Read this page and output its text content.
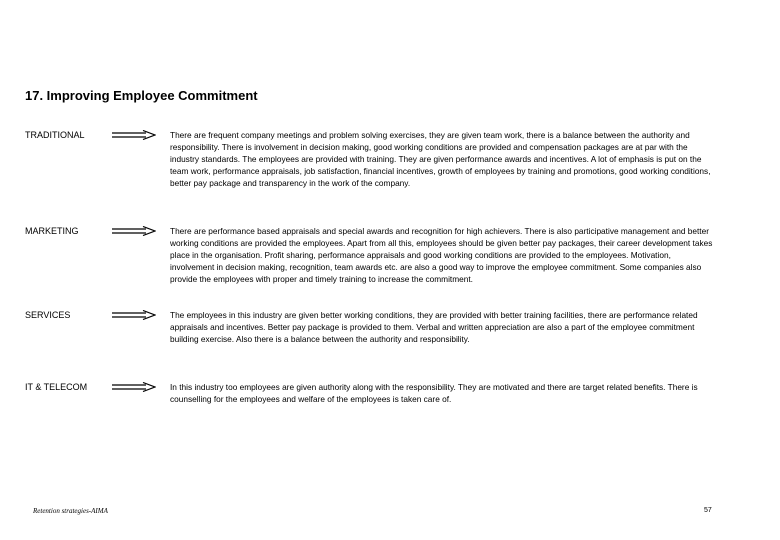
17. Improving Employee Commitment
TRADITIONAL	There are frequent company meetings and problem solving exercises, they are given team work, there is a balance between the authority and responsibility. There is involvement in decision making, good working conditions are provided and compensation packages are at par with the industry standards. The employees are provided with training. They are given performance awards and incentives. A lot of emphasis is put on the team work, performance appraisals, job satisfaction, financial incentives, growth of employees by training and promotions, good working conditions, better pay package and transparency in the work of the company.
MARKETING	There are performance based appraisals and special awards and recognition for high achievers. There is also participative management and better working conditions are provided the employees. Apart from all this, employees should be given better pay packages, their career development takes place in the organisation. Profit sharing, performance appraisals and good working conditions are provided to the employees. Motivation, involvement in decision making, recognition, team awards etc. are also a good way to improve the employee commitment. Some companies also provide the employees with proper and timely training to increase the commitment.
SERVICES	The employees in this industry are given better working conditions, they are provided with better training facilities, there are performance related appraisals and incentives. Better pay package is provided to them. Verbal and written appreciation are also a part of the employee commitment building exercise. Also there is a balance between the authority and responsibility.
IT & TELECOM	In this industry too employees are given authority along with the responsibility. They are motivated and there are target related benefits. There is counselling for the employees and welfare of the employees is taken care of.
Retention strategies-AIMA	57
